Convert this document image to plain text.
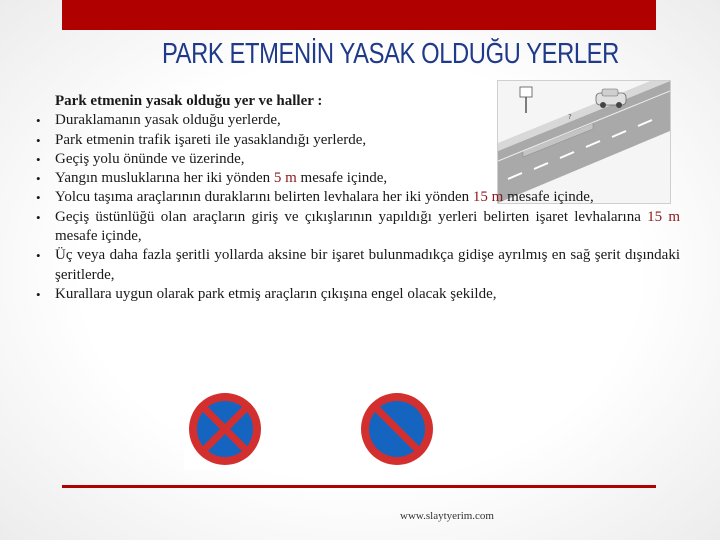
PARK ETMENİN YASAK OLDUĞU YERLER
?
Park etmenin yasak olduğu yer ve haller :
• Duraklamanın yasak olduğu yerlerde,
• Park etmenin trafik işareti ile yasaklandığı yerlerde,
• Geçiş yolu önünde ve üzerinde,
• Yangın musluklarına her iki yönden 5 m mesafe içinde,
• Yolcu taşıma araçlarının duraklarını belirten levhalara her iki yönden 15 m mesafe içinde,
• Geçiş üstünlüğü olan araçların giriş ve çıkışlarının yapıldığı yerleri belirten işaret levhalarına 15 m mesafe içinde,
• Üç veya daha fazla şeritli yollarda aksine bir işaret bulunmadıkça gidişe ayrılmış en sağ şerit dışındaki şeritlerde,
• Kurallara uygun olarak park etmiş araçların çıkışına engel olacak şekilde,
www.slaytyerim.com
